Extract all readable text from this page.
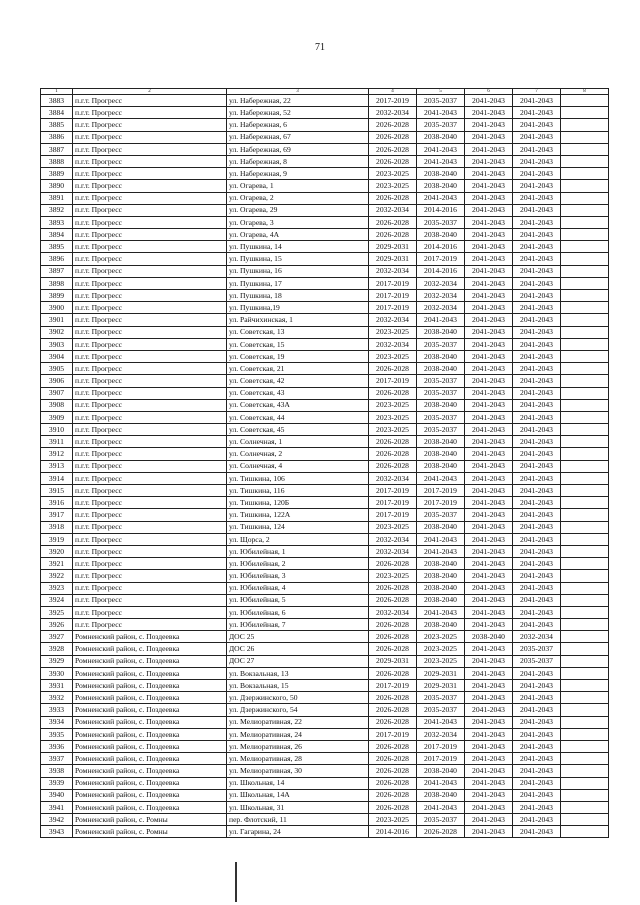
71
1	2	3	4	5	6	7	8
3883	п.г.т. Прогресс	ул. Набережная, 22	2017-2019	2035-2037	2041-2043	2041-2043	
3884	п.г.т. Прогресс	ул. Набережная, 52	2032-2034	2041-2043	2041-2043	2041-2043	
3885	п.г.т. Прогресс	ул. Набережная, 6	2026-2028	2035-2037	2041-2043	2041-2043	
3886	п.г.т. Прогресс	ул. Набережная, 67	2026-2028	2038-2040	2041-2043	2041-2043	
3887	п.г.т. Прогресс	ул. Набережная, 69	2026-2028	2041-2043	2041-2043	2041-2043	
3888	п.г.т. Прогресс	ул. Набережная, 8	2026-2028	2041-2043	2041-2043	2041-2043	
3889	п.г.т. Прогресс	ул. Набережная, 9	2023-2025	2038-2040	2041-2043	2041-2043	
3890	п.г.т. Прогресс	ул. Огарева, 1	2023-2025	2038-2040	2041-2043	2041-2043	
3891	п.г.т. Прогресс	ул. Огарева, 2	2026-2028	2041-2043	2041-2043	2041-2043	
3892	п.г.т. Прогресс	ул. Огарева, 29	2032-2034	2014-2016	2041-2043	2041-2043	
3893	п.г.т. Прогресс	ул. Огарева, 3	2026-2028	2035-2037	2041-2043	2041-2043	
3894	п.г.т. Прогресс	ул. Огарева, 4А	2026-2028	2038-2040	2041-2043	2041-2043	
3895	п.г.т. Прогресс	ул. Пушкина, 14	2029-2031	2014-2016	2041-2043	2041-2043	
3896	п.г.т. Прогресс	ул. Пушкина, 15	2029-2031	2017-2019	2041-2043	2041-2043	
3897	п.г.т. Прогресс	ул. Пушкина, 16	2032-2034	2014-2016	2041-2043	2041-2043	
3898	п.г.т. Прогресс	ул. Пушкина, 17	2017-2019	2032-2034	2041-2043	2041-2043	
3899	п.г.т. Прогресс	ул. Пушкина, 18	2017-2019	2032-2034	2041-2043	2041-2043	
3900	п.г.т. Прогресс	ул. Пушкина,19	2017-2019	2032-2034	2041-2043	2041-2043	
3901	п.г.т. Прогресс	ул. Райчихинская, 1	2032-2034	2041-2043	2041-2043	2041-2043	
3902	п.г.т. Прогресс	ул. Советская, 13	2023-2025	2038-2040	2041-2043	2041-2043	
3903	п.г.т. Прогресс	ул. Советская, 15	2032-2034	2035-2037	2041-2043	2041-2043	
3904	п.г.т. Прогресс	ул. Советская, 19	2023-2025	2038-2040	2041-2043	2041-2043	
3905	п.г.т. Прогресс	ул. Советская, 21	2026-2028	2038-2040	2041-2043	2041-2043	
3906	п.г.т. Прогресс	ул. Советская, 42	2017-2019	2035-2037	2041-2043	2041-2043	
3907	п.г.т. Прогресс	ул. Советская, 43	2026-2028	2035-2037	2041-2043	2041-2043	
3908	п.г.т. Прогресс	ул. Советская, 43А	2023-2025	2038-2040	2041-2043	2041-2043	
3909	п.г.т. Прогресс	ул. Советская, 44	2023-2025	2035-2037	2041-2043	2041-2043	
3910	п.г.т. Прогресс	ул. Советская, 45	2023-2025	2035-2037	2041-2043	2041-2043	
3911	п.г.т. Прогресс	ул. Солнечная, 1	2026-2028	2038-2040	2041-2043	2041-2043	
3912	п.г.т. Прогресс	ул. Солнечная, 2	2026-2028	2038-2040	2041-2043	2041-2043	
3913	п.г.т. Прогресс	ул. Солнечная, 4	2026-2028	2038-2040	2041-2043	2041-2043	
3914	п.г.т. Прогресс	ул. Тишкина, 106	2032-2034	2041-2043	2041-2043	2041-2043	
3915	п.г.т. Прогресс	ул. Тишкина, 116	2017-2019	2017-2019	2041-2043	2041-2043	
3916	п.г.т. Прогресс	ул. Тишкина, 120Б	2017-2019	2017-2019	2041-2043	2041-2043	
3917	п.г.т. Прогресс	ул. Тишкина, 122А	2017-2019	2035-2037	2041-2043	2041-2043	
3918	п.г.т. Прогресс	ул. Тишкина, 124	2023-2025	2038-2040	2041-2043	2041-2043	
3919	п.г.т. Прогресс	ул. Щорса, 2	2032-2034	2041-2043	2041-2043	2041-2043	
3920	п.г.т. Прогресс	ул. Юбилейная, 1	2032-2034	2041-2043	2041-2043	2041-2043	
3921	п.г.т. Прогресс	ул. Юбилейная, 2	2026-2028	2038-2040	2041-2043	2041-2043	
3922	п.г.т. Прогресс	ул. Юбилейная, 3	2023-2025	2038-2040	2041-2043	2041-2043	
3923	п.г.т. Прогресс	ул. Юбилейная, 4	2026-2028	2038-2040	2041-2043	2041-2043	
3924	п.г.т. Прогресс	ул. Юбилейная, 5	2026-2028	2038-2040	2041-2043	2041-2043	
3925	п.г.т. Прогресс	ул. Юбилейная, 6	2032-2034	2041-2043	2041-2043	2041-2043	
3926	п.г.т. Прогресс	ул. Юбилейная, 7	2026-2028	2038-2040	2041-2043	2041-2043	
3927	Ромненский район, с. Поздеевка	ДОС 25	2026-2028	2023-2025	2038-2040	2032-2034	
3928	Ромненский район, с. Поздеевка	ДОС 26	2026-2028	2023-2025	2041-2043	2035-2037	
3929	Ромненский район, с. Поздеевка	ДОС 27	2029-2031	2023-2025	2041-2043	2035-2037	
3930	Ромненский район, с. Поздеевка	ул. Вокзальная, 13	2026-2028	2029-2031	2041-2043	2041-2043	
3931	Ромненский район, с. Поздеевка	ул. Вокзальная, 15	2017-2019	2029-2031	2041-2043	2041-2043	
3932	Ромненский район, с. Поздеевка	ул. Дзержинского, 50	2026-2028	2035-2037	2041-2043	2041-2043	
3933	Ромненский район, с. Поздеевка	ул. Дзержинского, 54	2026-2028	2035-2037	2041-2043	2041-2043	
3934	Ромненский район, с. Поздеевка	ул. Мелиоративная, 22	2026-2028	2041-2043	2041-2043	2041-2043	
3935	Ромненский район, с. Поздеевка	ул. Мелиоративная, 24	2017-2019	2032-2034	2041-2043	2041-2043	
3936	Ромненский район, с. Поздеевка	ул. Мелиоративная, 26	2026-2028	2017-2019	2041-2043	2041-2043	
3937	Ромненский район, с. Поздеевка	ул. Мелиоративная, 28	2026-2028	2017-2019	2041-2043	2041-2043	
3938	Ромненский район, с. Поздеевка	ул. Мелиоративная, 30	2026-2028	2038-2040	2041-2043	2041-2043	
3939	Ромненский район, с. Поздеевка	ул. Школьная, 14	2026-2028	2041-2043	2041-2043	2041-2043	
3940	Ромненский район, с. Поздеевка	ул. Школьная, 14А	2026-2028	2038-2040	2041-2043	2041-2043	
3941	Ромненский район, с. Поздеевка	ул. Школьная, 31	2026-2028	2041-2043	2041-2043	2041-2043	
3942	Ромненский район, с. Ромны	пер. Флотский, 11	2023-2025	2035-2037	2041-2043	2041-2043	
3943	Ромненский район, с. Ромны	ул. Гагарина, 24	2014-2016	2026-2028	2041-2043	2041-2043	
